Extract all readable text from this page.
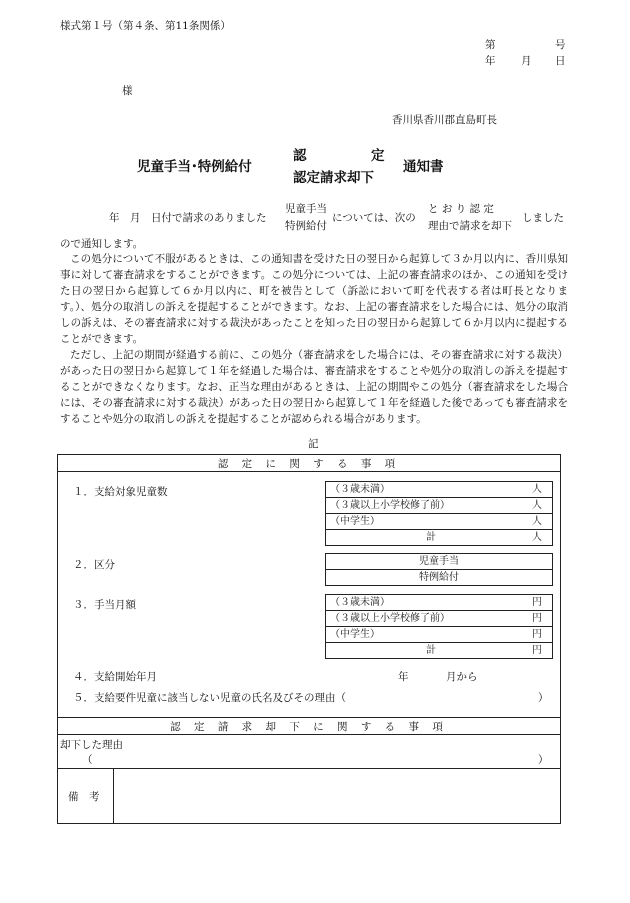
様式第１号（第４条、第11条関係）
第	号
年 月 日
様
香川県香川郡直島町長
児童手当･特例給付
認	定
認定請求却下
通知書
年　月　日付で請求のありました
児童手当
特例給付
については、次の
と お り 認 定
理由で請求を却下
しました
ので通知します。
この処分について不服があるときは、この通知書を受けた日の翌日から起算して３か月以内に、香川県知事に対して審査請求をすることができます。この処分については、上記の審査請求のほか、この通知を受けた日の翌日から起算して６か月以内に、町を被告として（訴訟において町を代表する者は町長となります。）、処分の取消しの訴えを提起することができます。なお、上記の審査請求をした場合には、処分の取消しの訴えは、その審査請求に対する裁決があったことを知った日の翌日から起算して６か月以内に提起することができます。
ただし、上記の期間が経過する前に、この処分（審査請求をした場合には、その審査請求に対する裁決）があった日の翌日から起算して１年を経過した場合は、審査請求をすることや処分の取消しの訴えを提起することができなくなります。なお、正当な理由があるときは、上記の期間やこの処分（審査請求をした場合には、その審査請求に対する裁決）があった日の翌日から起算して１年を経過した後であっても審査請求をすることや処分の取消しの訴えを提起することが認められる場合があります。
記
認 定 に 関 す る 事 項
１．支給対象児童数	（３歳未満）	人
（３歳以上小学校修了前）	人
（中学生）	人
計	人
２．区分	児童手当
特例給付
３．手当月額	（３歳未満）	円
（３歳以上小学校修了前）	円
（中学生）	円
計	円
４．支給開始年月	年	月から
５．支給要件児童に該当しない児童の氏名及びその理由（	）
認 定 請 求 却 下 に 関 す る 事 項
却下した理由
（	）
備　考
